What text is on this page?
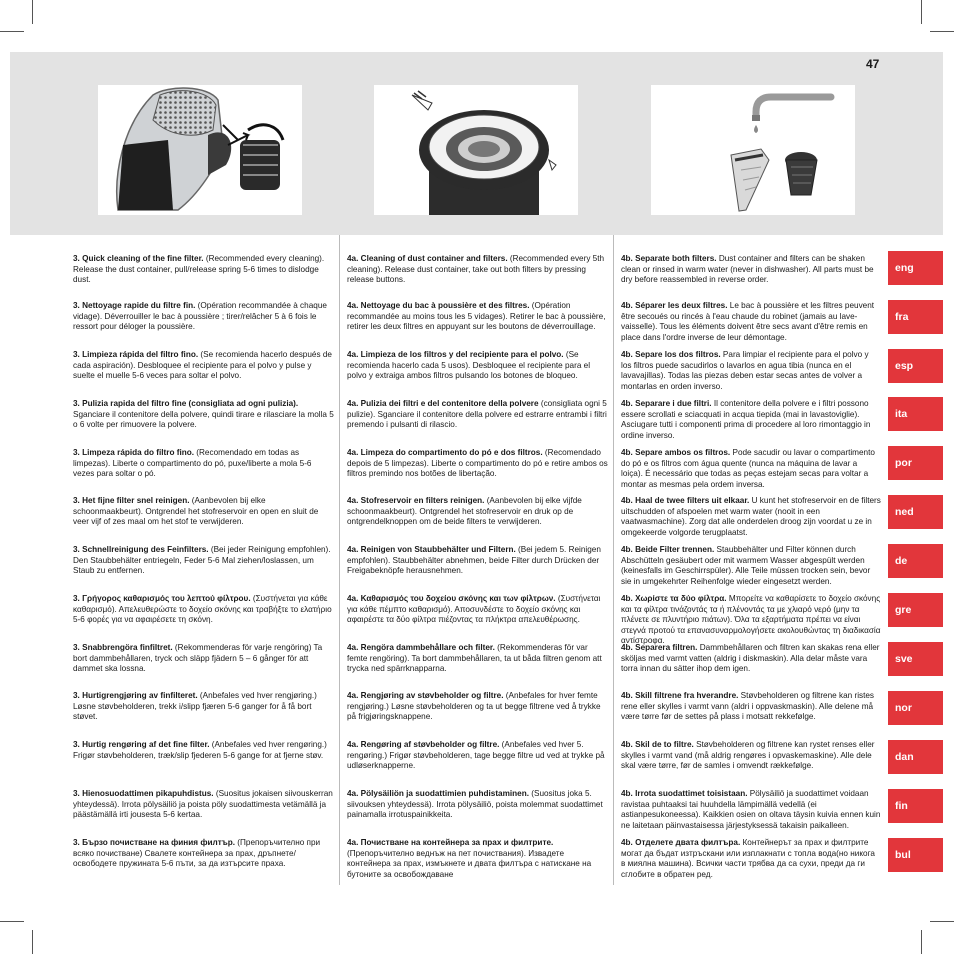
47
3. Quick cleaning of the fine filter. (Recommended every cleaning). Release the dust container, pull/release spring 5-6 times to dislodge dust.
3. Nettoyage rapide du filtre fin. (Opération recommandée à chaque vidage). Déverrouiller le bac à poussière ; tirer/relâcher 5 à 6 fois le ressort pour déloger la poussière.
3. Limpieza rápida del filtro fino. (Se recomienda hacerlo después de cada aspiración). Desbloquee el recipiente para el polvo y pulse y suelte el muelle 5-6 veces para soltar el polvo.
3. Pulizia rapida del filtro fine (consigliata ad ogni pulizia). Sganciare il contenitore della polvere, quindi tirare e rilasciare la molla 5 o 6 volte per rimuovere la polvere.
3. Limpeza rápida do filtro fino. (Recomendado em todas as limpezas). Liberte o compartimento do pó, puxe/liberte a mola 5-6 vezes para soltar o pó.
3. Het fijne filter snel reinigen. (Aanbevolen bij elke schoonmaakbeurt). Ontgrendel het stofreservoir en open en sluit de veer vijf of zes maal om het stof te verwijderen.
3. Schnellreinigung des Feinfilters. (Bei jeder Reinigung empfohlen). Den Staubbehälter entriegeln, Feder 5-6 Mal ziehen/loslassen, um Staub zu entfernen.
3. Γρήγορος καθαρισμός του λεπτού φίλτρου. (Συστήνεται για κάθε καθαρισμό). Απελευθερώστε το δοχείο σκόνης και τραβήξτε το ελατήριο 5-6 φορές για να αφαιρέσετε τη σκόνη.
3. Snabbrengöra finfiltret. (Rekommenderas för varje rengöring) Ta bort dammbehållaren, tryck och släpp fjädern 5 – 6 gånger för att dammet ska lossna.
3. Hurtigrengjøring av finfilteret. (Anbefales ved hver rengjøring.) Løsne støvbeholderen, trekk i/slipp fjæren 5-6 ganger for å få bort støvet.
3. Hurtig rengøring af det fine filter. (Anbefales ved hver rengøring.) Frigør støvbeholderen, træk/slip fjederen 5-6 gange for at fjerne støv.
3. Hienosuodattimen pikapuhdistus. (Suositus jokaisen siivouskerran yhteydessä). Irrota pölysäiliö ja poista pöly suodattimesta vetämällä ja päästämällä irti jousesta 5-6 kertaa.
3. Бързо почистване на финия филтър. (Препоръчително при всяко почистване) Свалете контейнера за прах, дръпнете/освободете пружината 5-6 пъти, за да изтърсите праха.
4a. Cleaning of dust container and filters. (Recommended every 5th cleaning). Release dust container, take out both filters by pressing release buttons.
4a. Nettoyage du bac à poussière et des filtres. (Opération recommandée au moins tous les 5 vidages). Retirer le bac à poussière, retirer les deux filtres en appuyant sur les boutons de déverrouillage.
4a. Limpieza de los filtros y del recipiente para el polvo. (Se recomienda hacerlo cada 5 usos). Desbloquee el recipiente para el polvo y extraiga ambos filtros pulsando los botones de bloqueo.
4a. Pulizia dei filtri e del contenitore della polvere (consigliata ogni 5 pulizie). Sganciare il contenitore della polvere ed estrarre entrambi i filtri premendo i pulsanti di rilascio.
4a. Limpeza do compartimento do pó e dos filtros. (Recomendado depois de 5 limpezas). Liberte o compartimento do pó e retire ambos os filtros premindo nos botões de libertação.
4a. Stofreservoir en filters reinigen. (Aanbevolen bij elke vijfde schoonmaakbeurt). Ontgrendel het stofreservoir en druk op de ontgrendelknoppen om de beide filters te verwijderen.
4a. Reinigen von Staubbehälter und Filtern. (Bei jedem 5. Reinigen empfohlen). Staubbehälter abnehmen, beide Filter durch Drücken der Freigabeknöpfe herausnehmen.
4a. Καθαρισμός του δοχείου σκόνης και των φίλτρων. (Συστήνεται για κάθε πέμπτο καθαρισμό). Αποσυνδέστε το δοχείο σκόνης και αφαιρέστε τα δύο φίλτρα πιέζοντας τα πλήκτρα απελευθέρωσης.
4a. Rengöra dammbehållare och filter. (Rekommenderas för var femte rengöring). Ta bort dammbehållaren, ta ut båda filtren genom att trycka ned spärrknapparna.
4a. Rengjøring av støvbeholder og filtre. (Anbefales for hver femte rengjøring.) Løsne støvbeholderen og ta ut begge filtrene ved å trykke på frigjøringsknappene.
4a. Rengøring af støvbeholder og filtre. (Anbefales ved hver 5. rengøring.) Frigør støvbeholderen, tage begge filtre ud ved at trykke på udløserknapperne.
4a. Pölysäiliön ja suodattimien puhdistaminen. (Suositus joka 5. siivouksen yhteydessä). Irrota pölysäiliö, poista molemmat suodattimet painamalla irrotuspainikkeita.
4a. Почистване на контейнера за прах и филтрите. (Препоръчително веднъж на пет почиствания). Извадете контейнера за прах, измъкнете и двата филтъра с натискане на бутоните за освобождаване
4b. Separate both filters. Dust container and filters can be shaken clean or rinsed in warm water (never in dishwasher). All parts must be dry before reassembled in reverse order.
4b. Séparer les deux filtres. Le bac à poussière et les filtres peuvent être secoués ou rincés à l'eau chaude du robinet (jamais au lave-vaisselle). Tous les éléments doivent être secs avant d'être remis en place dans l'ordre inverse de leur démontage.
4b. Separe los dos filtros. Para limpiar el recipiente para el polvo y los filtros puede sacudirlos o lavarlos en agua tibia (nunca en el lavavajillas). Todas las piezas deben estar secas antes de volver a montarlas en orden inverso.
4b. Separare i due filtri. Il contenitore della polvere e i filtri possono essere scrollati e sciacquati in acqua tiepida (mai in lavastoviglie). Asciugare tutti i componenti prima di procedere al loro rimontaggio in ordine inverso.
4b. Separe ambos os filtros. Pode sacudir ou lavar o compartimento do pó e os filtros com água quente (nunca na máquina de lavar a loiça). É necessário que todas as peças estejam secas para voltar a montar as mesmas pela ordem inversa.
4b. Haal de twee filters uit elkaar. U kunt het stofreservoir en de filters uitschudden of afspoelen met warm water (nooit in een vaatwasmachine). Zorg dat alle onderdelen droog zijn voordat u ze in omgekeerde volgorde terugplaatst.
4b. Beide Filter trennen. Staubbehälter und Filter können durch Abschütteln gesäubert oder mit warmem Wasser abgespült werden (keinesfalls im Geschirrspüler). Alle Teile müssen trocken sein, bevor sie in umgekehrter Reihenfolge wieder eingesetzt werden.
4b. Χωρίστε τα δύο φίλτρα. Μπορείτε να καθαρίσετε το δοχείο σκόνης και τα φίλτρα τινάζοντάς τα ή πλένοντάς τα με χλιαρό νερό (μην τα πλένετε σε πλυντήριο πιάτων). Όλα τα εξαρτήματα πρέπει να είναι στεγνά προτού τα επανασυναρμολογήσετε ακολουθώντας τη διαδικασία αντίστροφα.
4b. Separera filtren. Dammbehållaren och filtren kan skakas rena eller sköljas med varmt vatten (aldrig i diskmaskin). Alla delar måste vara torra innan du sätter ihop dem igen.
4b. Skill filtrene fra hverandre. Støvbeholderen og filtrene kan ristes rene eller skylles i varmt vann (aldri i oppvaskmaskin). Alle delene må være tørre før de settes på plass i motsatt rekkefølge.
4b. Skil de to filtre. Støvbeholderen og filtrene kan rystet renses eller skylles i varmt vand (må aldrig rengøres i opvaskemaskine). Alle dele skal være tørre, før de samles i omvendt rækkefølge.
4b. Irrota suodattimet toisistaan. Pölysäiliö ja suodattimet voidaan ravistaa puhtaaksi tai huuhdella lämpimällä vedellä (ei astianpesukoneessa). Kaikkien osien on oltava täysin kuivia ennen kuin ne laitetaan päinvastaisessa järjestyksessä takaisin paikalleen.
4b. Отделете двата филтъра. Контейнерът за прах и филтрите могат да бъдат изтръскани или изплакнати с топла вода(но никога в миялна машина). Всички части трябва да са сухи, преди да ги сглобите в обратен ред.
eng
fra
esp
ita
por
ned
de
gre
sve
nor
dan
fin
bul
